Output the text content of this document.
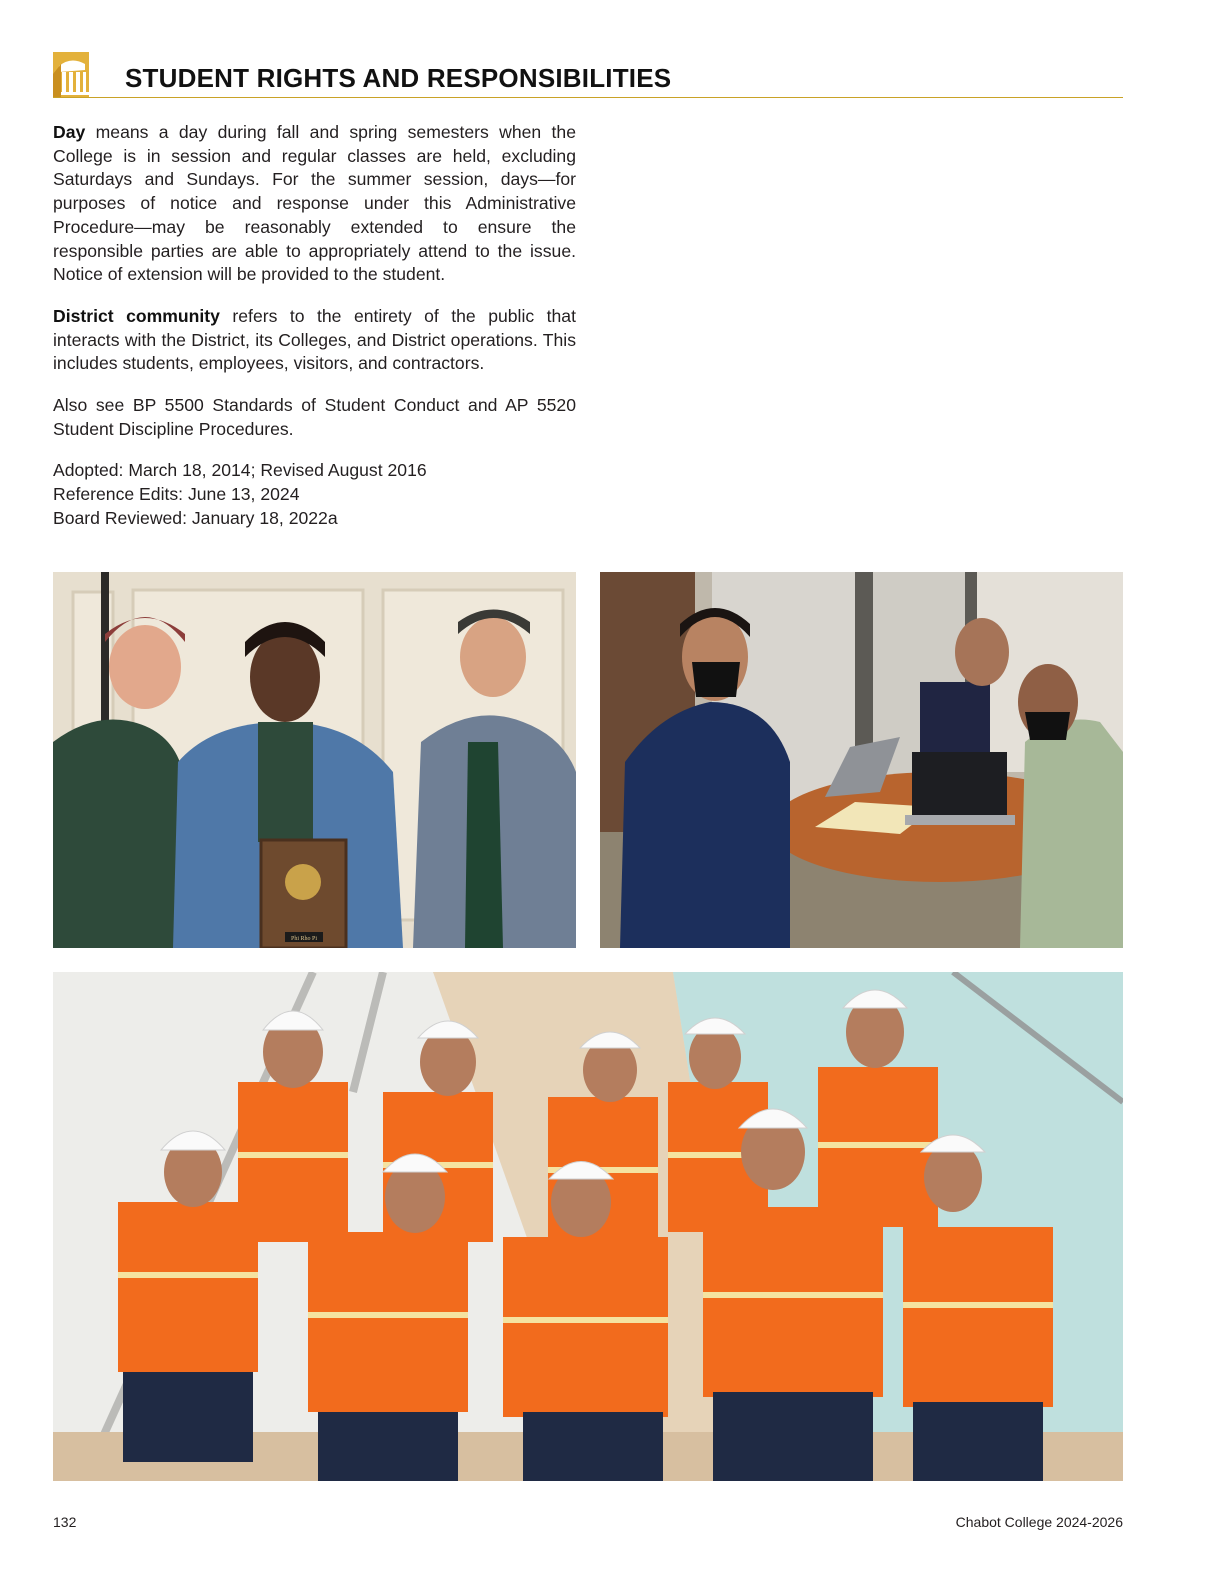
STUDENT RIGHTS AND RESPONSIBILITIES

Day means a day during fall and spring semesters when the College is in session and regular classes are held, excluding Saturdays and Sundays. For the summer session, days—for purposes of notice and response under this Administrative Procedure—may be reasonably extended to ensure the responsible parties are able to appropriately attend to the issue. Notice of extension will be provided to the student.

District community refers to the entirety of the public that interacts with the District, its Colleges, and District operations. This includes students, employees, visitors, and contractors.

Also see BP 5500 Standards of Student Conduct and AP 5520 Student Discipline Procedures.

Adopted: March 18, 2014; Revised August 2016
Reference Edits: June 13, 2024
Board Reviewed: January 18, 2022a

Phi Rho Pi
132	Chabot College 2024-2026
